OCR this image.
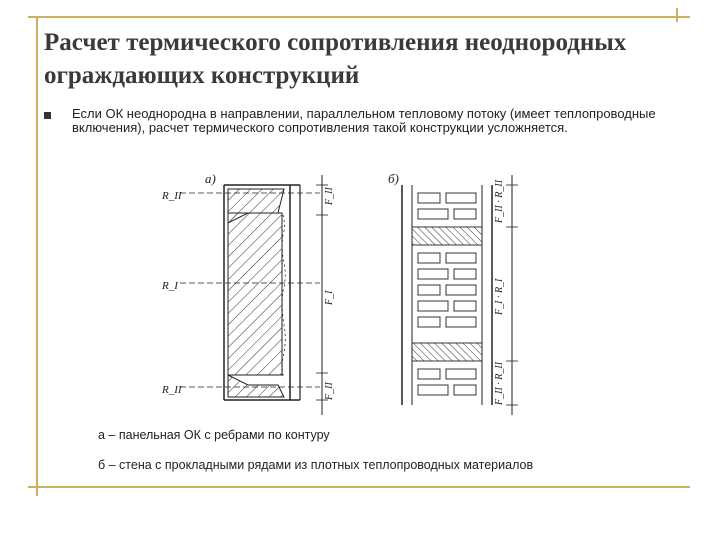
Расчет термического сопротивления неоднородных ограждающих конструкций
Если ОК неоднородна в направлении, параллельном тепловому потоку (имеет теплопроводные включения), расчет термического сопротивления такой конструкции усложняется.
а)
R_II
R_I
R_II
F_II
F_I
F_II
б)
F_II · R_II
F_I · R_I
F_II · R_II
а – панельная ОК с ребрами по контуру
б – стена с прокладными рядами из плотных теплопроводных материалов
